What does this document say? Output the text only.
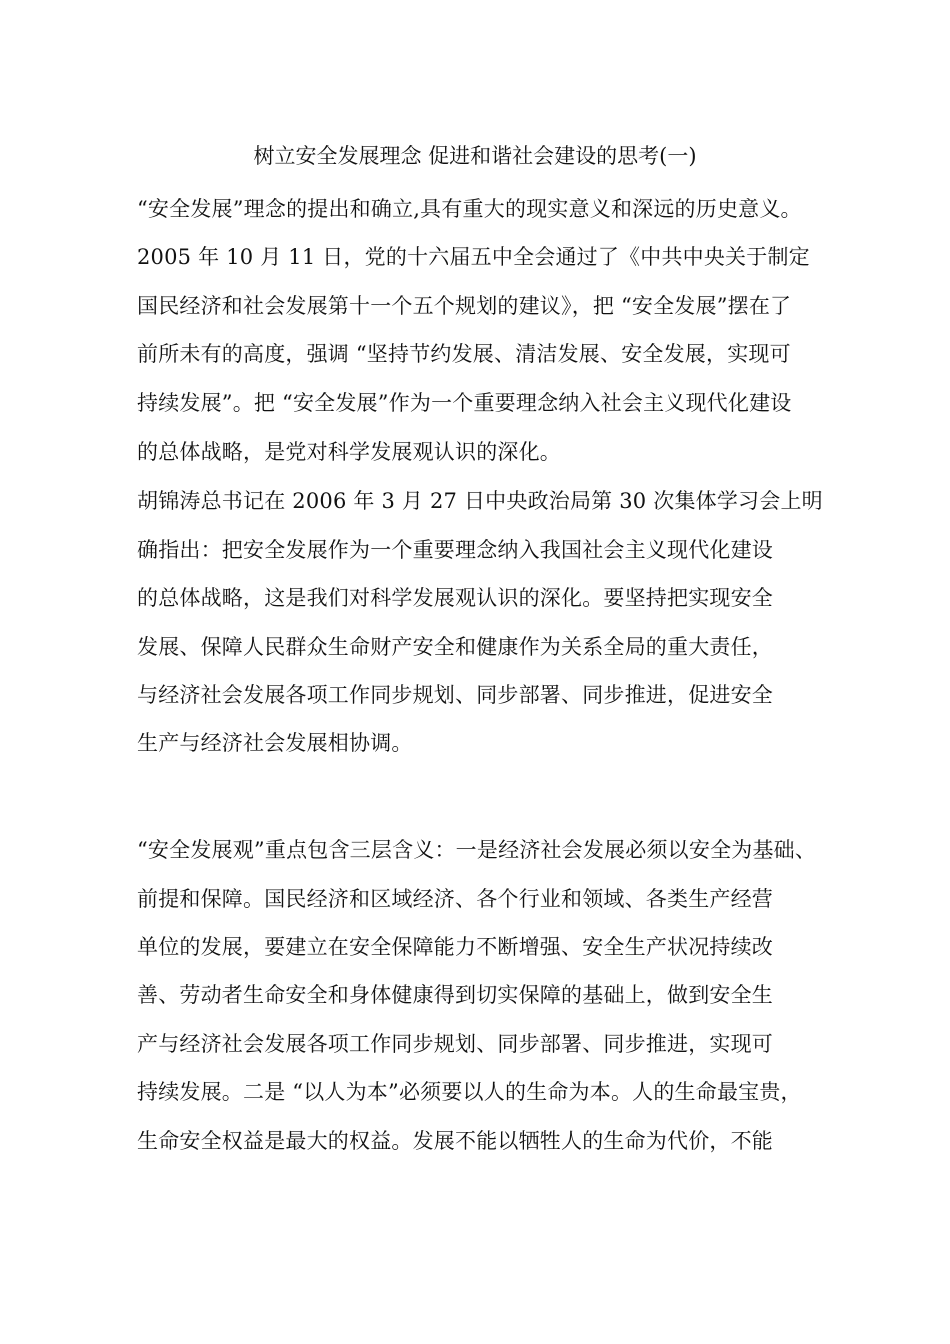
树立安全发展理念 促进和谐社会建设的思考(一)
“安全发展”理念的提出和确立,具有重大的现实意义和深远的历史意义。
2005 年 10 月 11 日，党的十六届五中全会通过了《中共中央关于制定
国民经济和社会发展第十一个五个规划的建议》，把 “安全发展”摆在了
前所未有的高度，强调 “坚持节约发展、清洁发展、安全发展，实现可
持续发展”。把 “安全发展”作为一个重要理念纳入社会主义现代化建设
的总体战略，是党对科学发展观认识的深化。
胡锦涛总书记在 2006 年 3 月 27 日中央政治局第 30 次集体学习会上明
确指出：把安全发展作为一个重要理念纳入我国社会主义现代化建设
的总体战略，这是我们对科学发展观认识的深化。要坚持把实现安全
发展、保障人民群众生命财产安全和健康作为关系全局的重大责任，
与经济社会发展各项工作同步规划、同步部署、同步推进，促进安全
生产与经济社会发展相协调。
“安全发展观”重点包含三层含义：一是经济社会发展必须以安全为基础、
前提和保障。国民经济和区域经济、各个行业和领域、各类生产经营
单位的发展，要建立在安全保障能力不断增强、安全生产状况持续改
善、劳动者生命安全和身体健康得到切实保障的基础上，做到安全生
产与经济社会发展各项工作同步规划、同步部署、同步推进，实现可
持续发展。二是 “以人为本”必须要以人的生命为本。人的生命最宝贵，
生命安全权益是最大的权益。发展不能以牺牲人的生命为代价，不能
